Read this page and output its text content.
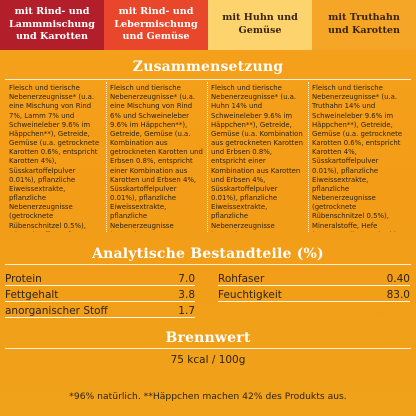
mit Rind- und Lammmischung und Karotten
mit Rind- und Lebermischung und Gemüse
mit Huhn und Gemüse
mit Truthahn und Karotten
Zusammensetzung
Fleisch und tierische Nebenerzeugnisse* (u.a. eine Mischung von Rind 7%, Lamm 7% und Schweineleber 9.6% im Häppchen**), Getreide, Gemüse (u.a. getrocknete Karotten 0.6%, entspricht Karotten 4%), Süsskartoffelpulver 0.01%), pflanzliche Eiweissextrakte, pflanzliche Nebenerzeugnisse (getrocknete Rübenschnitzel 0.5%),
Fleisch und tierische Nebenerzeugnisse* (u.a. eine Mischung von Rind 6% und Schweineleber 9.6% im Häppchen**), Getreide, Gemüse (u.a. Kombination aus getrockneten Karotten und Erbsen 0.8%, entspricht einer Kombination aus Karotten und Erbsen 4%, Süsskartoffelpulver 0.01%), pflanzliche Eiweissextrakte, pflanzliche Nebenerzeugnisse
Fleisch und tierische Nebenerzeugnisse* (u.a. Huhn 14% und Schweineleber 9.6% im Häppchen**), Getreide, Gemüse (u.a. Kombination aus getrockneten Karotten und Erbsen 0.8%, entspricht einer Kombination aus Karotten und Erbsen 4%, Süsskartoffelpulver 0.01%), pflanzliche Eiweissextrakte, pflanzliche Nebenerzeugnisse
Fleisch und tierische Nebenerzeugnisse* (u.a. Truthahn 14% und Schweineleber 9.6% im Häppchen**), Getreide, Gemüse (u.a. getrocknete Karotten 0.6%, entspricht Karotten 4%, Süsskartoffelpulver 0.01%), pflanzliche Eiweissextrakte, pflanzliche Nebenerzeugnisse (getrocknete Rübenschnitzel 0.5%), Mineralstoffe, Hefe
Analytische Bestandteile (%)
Protein	7.0
Fettgehalt	3.8
anorganischer Stoff	1.7
Rohfaser	0.40
Feuchtigkeit	83.0
Brennwert
75 kcal / 100g
*96% natürlich. **Häppchen machen 42% des Produkts aus.
